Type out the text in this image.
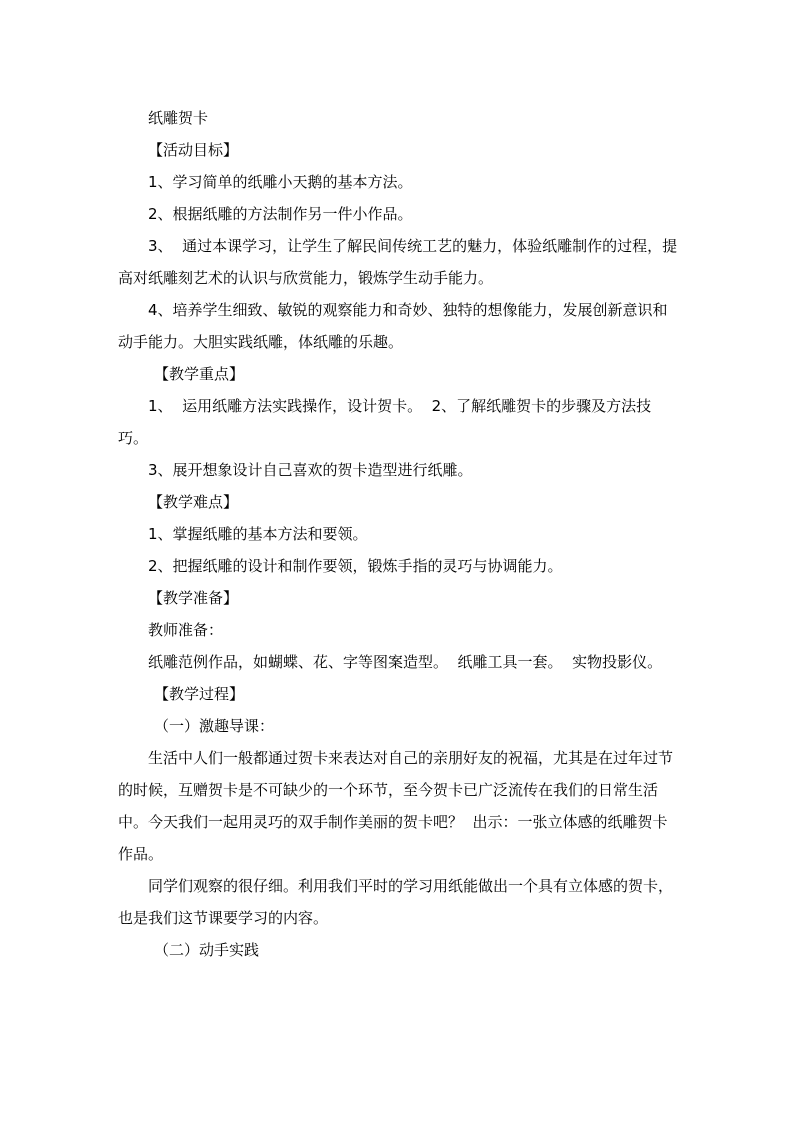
纸雕贺卡

【活动目标】

1、学习简单的纸雕小天鹅的基本方法。

2、根据纸雕的方法制作另一件小作品。

3、  通过本课学习，让学生了解民间传统工艺的魅力，体验纸雕制作的过程，提高对纸雕刻艺术的认识与欣赏能力，锻炼学生动手能力。

4、培养学生细致、敏锐的观察能力和奇妙、独特的想像能力，发展创新意识和动手能力。大胆实践纸雕，体纸雕的乐趣。

【教学重点】

1、  运用纸雕方法实践操作，设计贺卡。  2、了解纸雕贺卡的步骤及方法技巧。

3、展开想象设计自己喜欢的贺卡造型进行纸雕。

【教学难点】

1、掌握纸雕的基本方法和要领。

2、把握纸雕的设计和制作要领，锻炼手指的灵巧与协调能力。

【教学准备】

教师准备：

纸雕范例作品，如蝴蝶、花、字等图案造型。  纸雕工具一套。  实物投影仪。

【教学过程】

（一）激趣导课：

生活中人们一般都通过贺卡来表达对自己的亲朋好友的祝福，尤其是在过年过节的时候，互赠贺卡是不可缺少的一个环节，至今贺卡已广泛流传在我们的日常生活中。今天我们一起用灵巧的双手制作美丽的贺卡吧？  出示：一张立体感的纸雕贺卡作品。

同学们观察的很仔细。利用我们平时的学习用纸能做出一个具有立体感的贺卡，也是我们这节课要学习的内容。

（二）动手实践
